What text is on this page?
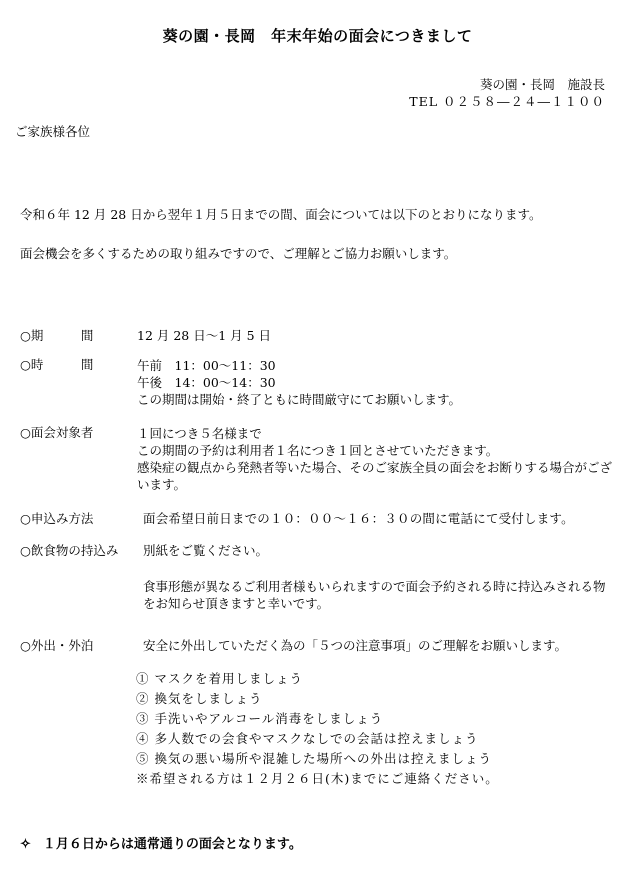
葵の園・長岡　年末年始の面会につきまして
葵の園・長岡　施設長
TEL ０２５８―２４―１１００
ご家族様各位
令和６年 12 月 28 日から翌年１月５日までの間、面会については以下のとおりになります。
面会機会を多くするための取り組みですので、ご理解とご協力お願いします。
○期　　　間	12 月 28 日～1 月 5 日
○時　　　間	午前　11：00～11：30
午後　14：00～14：30
この期間は開始・終了ともに時間厳守にてお願いします。
○面会対象者	１回につき５名様まで
この期間の予約は利用者１名につき１回とさせていただきます。
感染症の観点から発熱者等いた場合、そのご家族全員の面会をお断りする場合がございます。
○申込み方法	面会希望日前日までの１０：００～１６：３０の間に電話にて受付します。
○飲食物の持込み 別紙をご覧ください。
食事形態が異なるご利用者様もいられますので面会予約される時に持込みされる物をお知らせ頂きますと幸いです。
○外出・外泊	安全に外出していただく為の「５つの注意事項」のご理解をお願いします。
① マスクを着用しましょう
② 換気をしましょう
③ 手洗いやアルコール消毒をしましょう
④ 多人数での会食やマスクなしでの会話は控えましょう
⑤ 換気の悪い場所や混雑した場所への外出は控えましょう
※希望される方は１２月２６日(木)までにご連絡ください。
✧ １月６日からは通常通りの面会となります。
